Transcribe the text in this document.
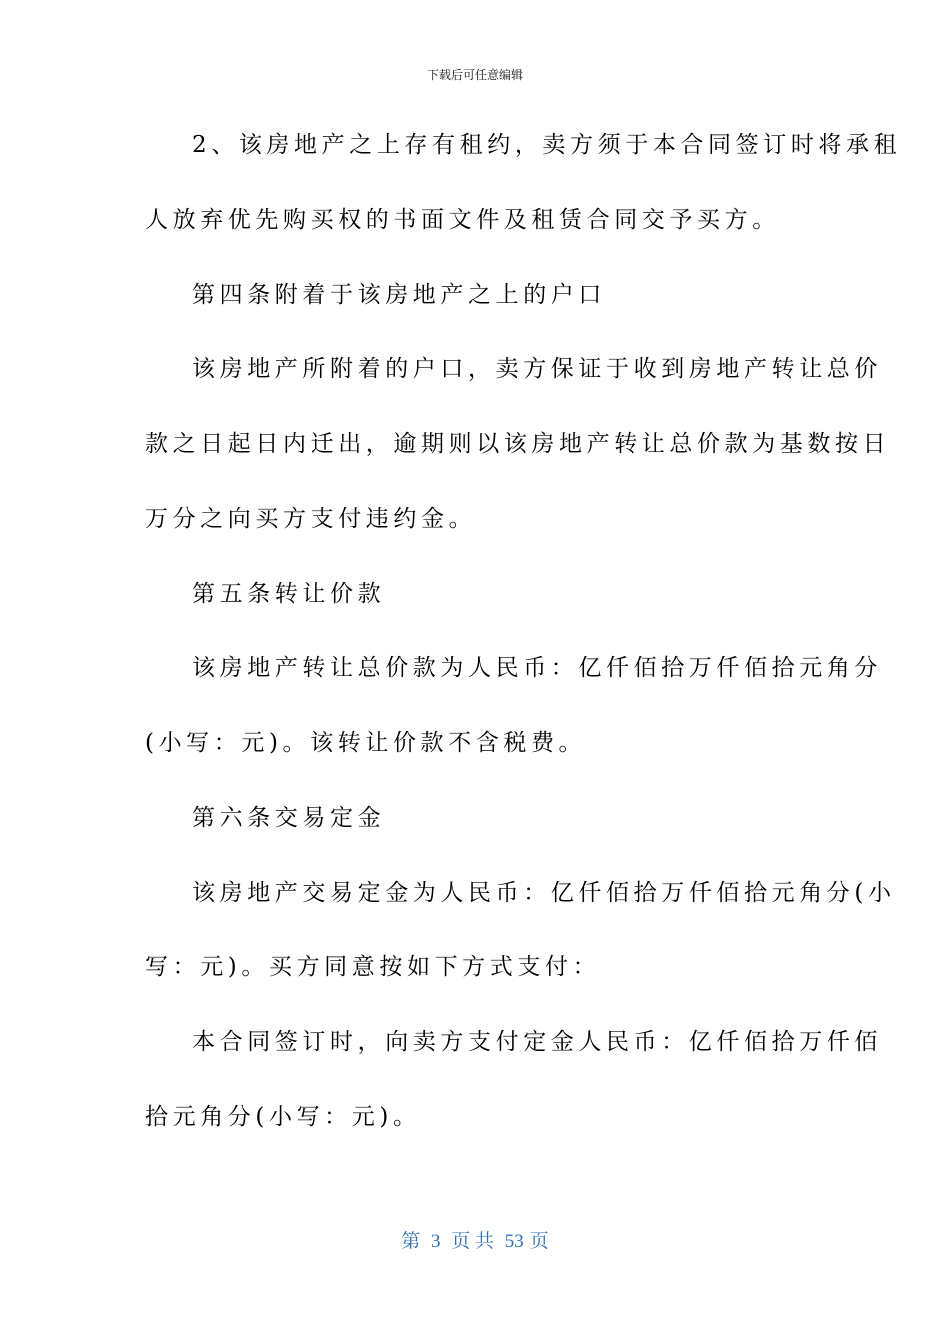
下载后可任意编辑
2、该房地产之上存有租约，卖方须于本合同签订时将承租
人放弃优先购买权的书面文件及租赁合同交予买方。
第四条附着于该房地产之上的户口
该房地产所附着的户口，卖方保证于收到房地产转让总价
款之日起日内迁出，逾期则以该房地产转让总价款为基数按日
万分之向买方支付违约金。
第五条转让价款
该房地产转让总价款为人民币：亿仟佰拾万仟佰拾元角分
(小写：元)。该转让价款不含税费。
第六条交易定金
该房地产交易定金为人民币：亿仟佰拾万仟佰拾元角分(小
写：元)。买方同意按如下方式支付：
本合同签订时，向卖方支付定金人民币：亿仟佰拾万仟佰
拾元角分(小写：元)。
第 3 页 共 53 页
